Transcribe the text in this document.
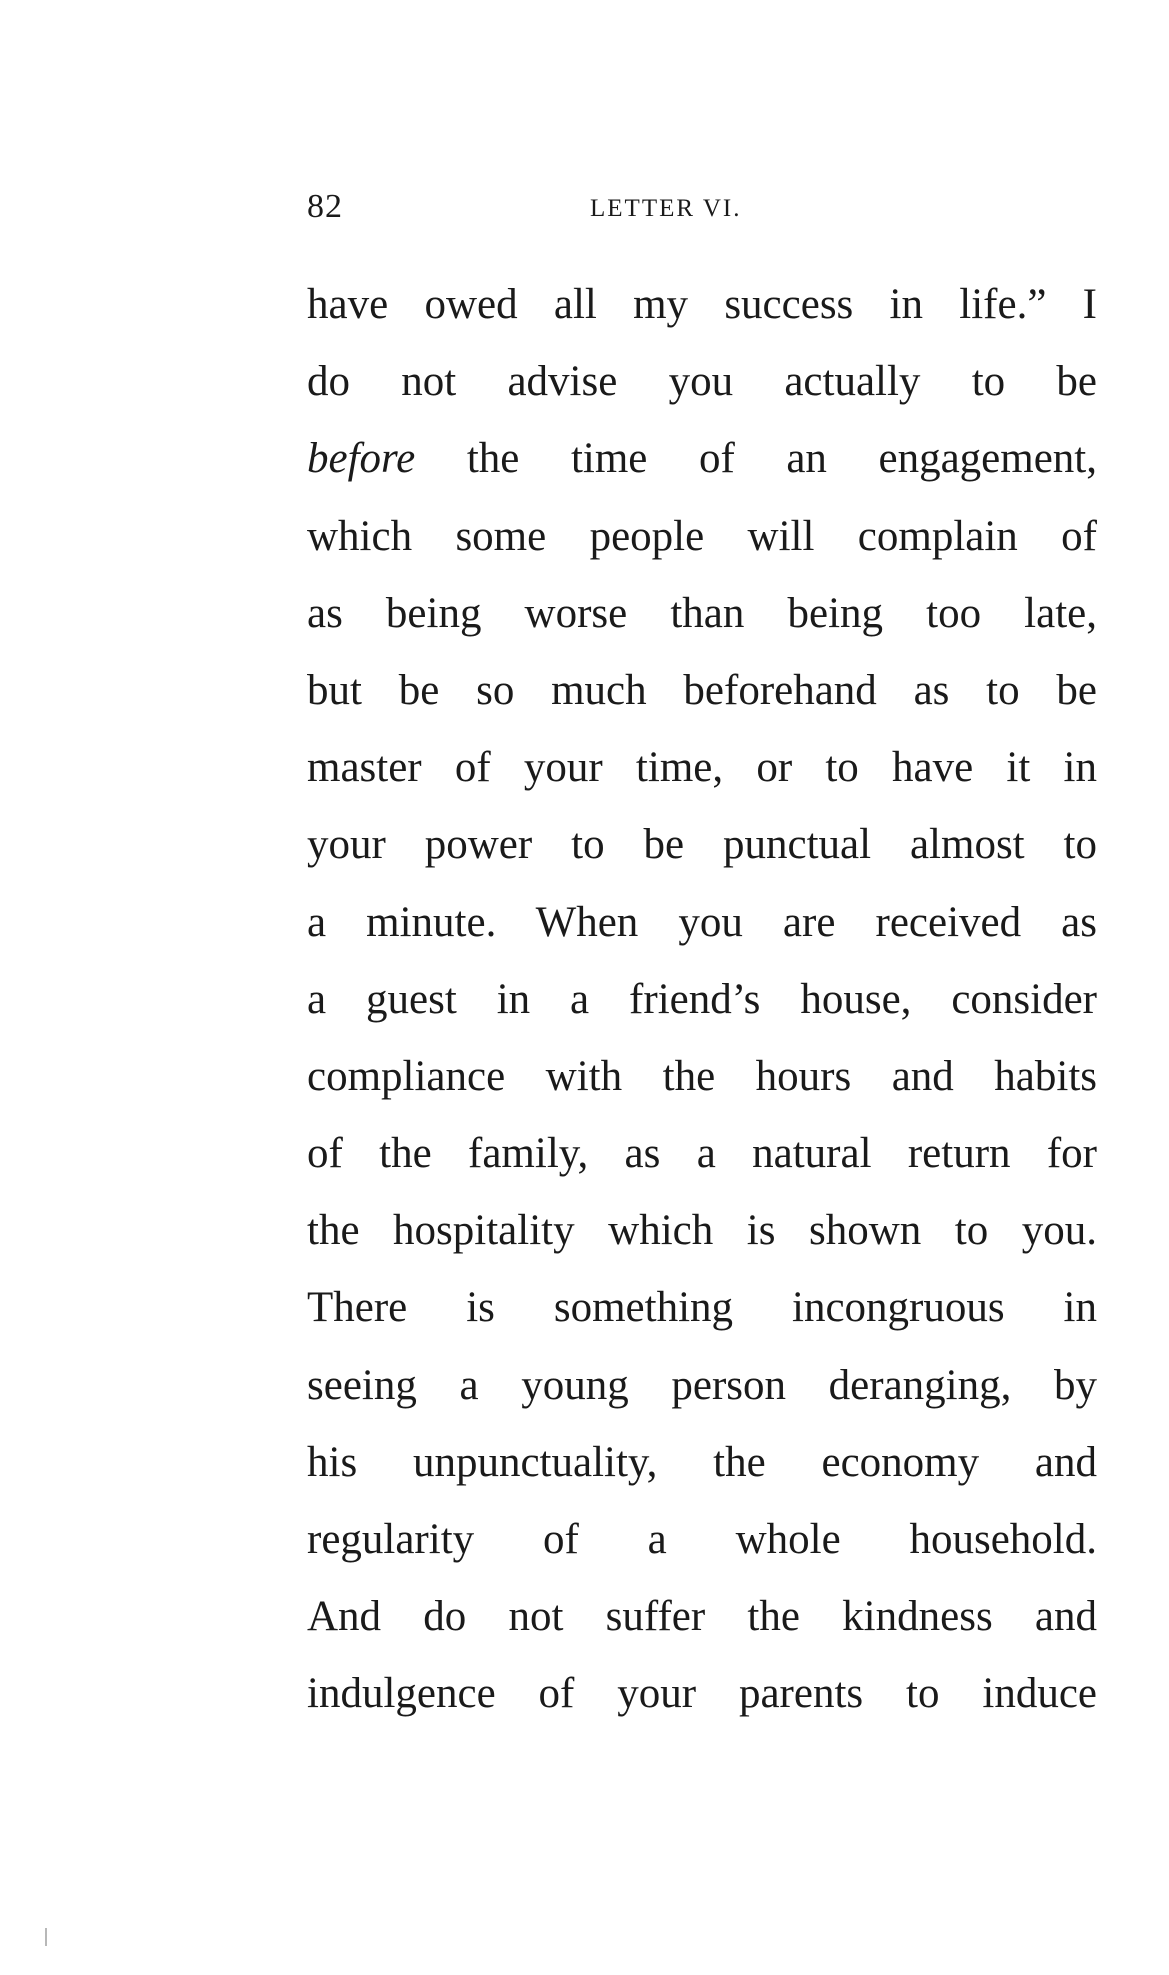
82	LETTER VI.
have owed all my success in life.” I
do not advise you actually to be
before the time of an engagement,
which some people will complain of
as being worse than being too late,
but be so much beforehand as to be
master of your time, or to have it in
your power to be punctual almost to
a minute. When you are received as
a guest in a friend’s house, consider
compliance with the hours and habits
of the family, as a natural return for
the hospitality which is shown to you.
There is something incongruous in
seeing a young person deranging, by
his unpunctuality, the economy and
regularity of a whole household.
And do not suffer the kindness and
indulgence of your parents to induce
